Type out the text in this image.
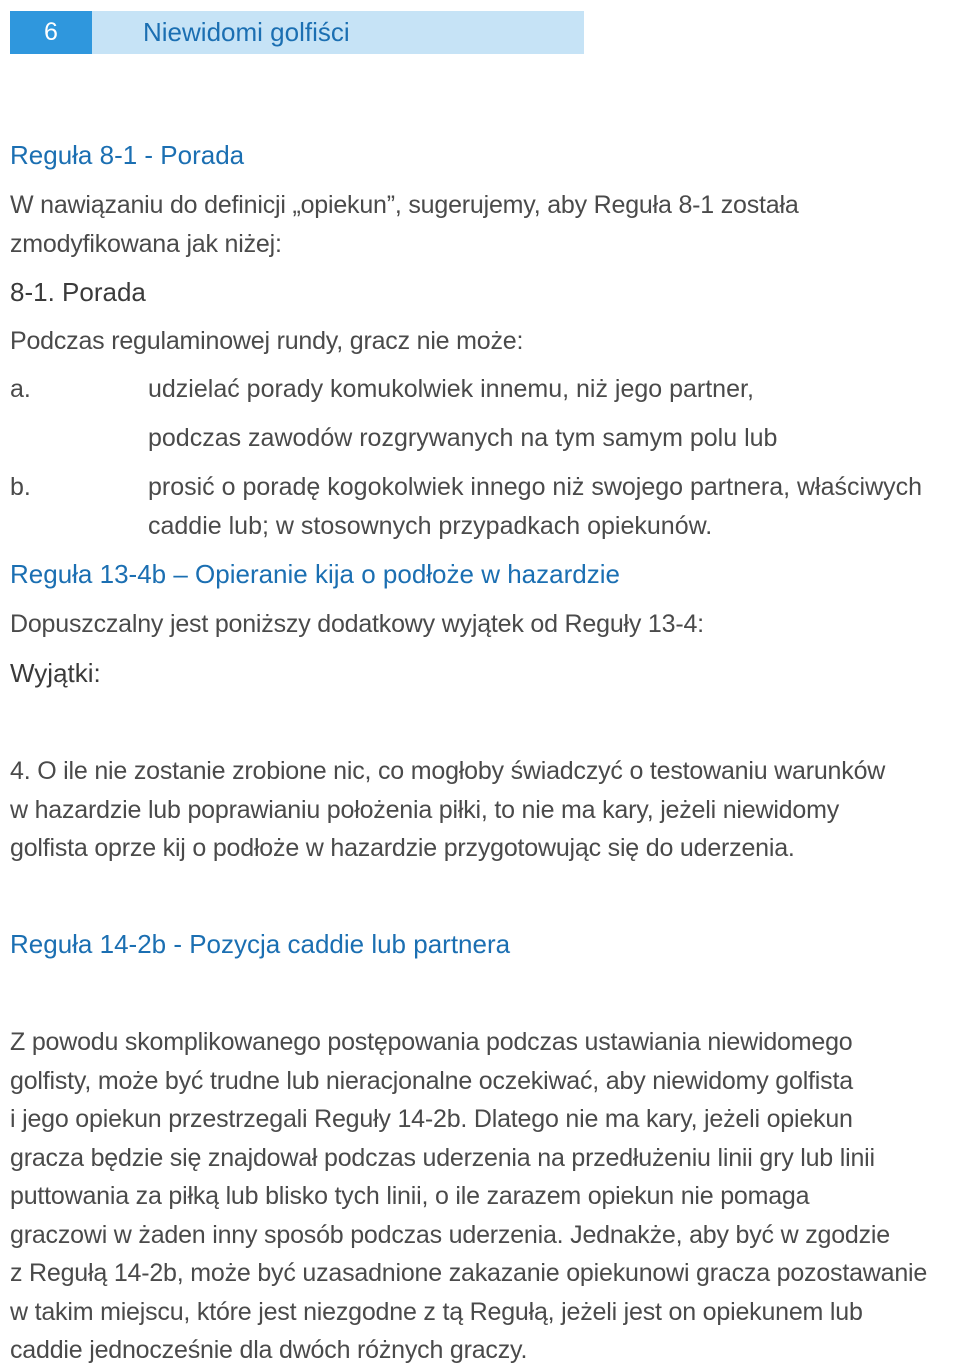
6	Niewidomi golfiści
Reguła 8-1 - Porada

W nawiązaniu do definicji „opiekun”, sugerujemy, aby Reguła 8-1 została

zmodyfikowana jak niżej:

8-1. Porada

Podczas regulaminowej rundy, gracz nie może:

a.	udzielać porady komukolwiek innemu, niż jego partner,
podczas zawodów rozgrywanych na tym samym polu lub
b.	prosić o poradę kogokolwiek innego niż swojego partnera, właściwych
caddie lub; w stosownych przypadkach opiekunów.
Reguła 13-4b – Opieranie kija o podłoże w hazardzie

Dopuszczalny jest poniższy dodatkowy wyjątek od Reguły 13-4:

Wyjątki:

4. O ile nie zostanie zrobione nic, co mogłoby świadczyć o testowaniu warunków

w hazardzie lub poprawianiu położenia piłki, to nie ma kary, jeżeli niewidomy

golfista oprze kij o podłoże w hazardzie przygotowując się do uderzenia.

Reguła 14-2b - Pozycja caddie lub partnera

Z powodu skomplikowanego postępowania podczas ustawiania niewidomego

golfisty, może być trudne lub nieracjonalne oczekiwać, aby niewidomy golfista

i jego opiekun przestrzegali Reguły 14-2b. Dlatego nie ma kary, jeżeli opiekun

gracza będzie się znajdował podczas uderzenia na przedłużeniu linii gry lub linii

puttowania za piłką lub blisko tych linii, o ile zarazem opiekun nie pomaga

graczowi w żaden inny sposób podczas uderzenia. Jednakże, aby być w zgodzie

z Regułą 14-2b, może być uzasadnione zakazanie opiekunowi gracza pozostawanie

w takim miejscu, które jest niezgodne z tą Regułą, jeżeli jest on opiekunem lub

caddie jednocześnie dla dwóch różnych graczy.
